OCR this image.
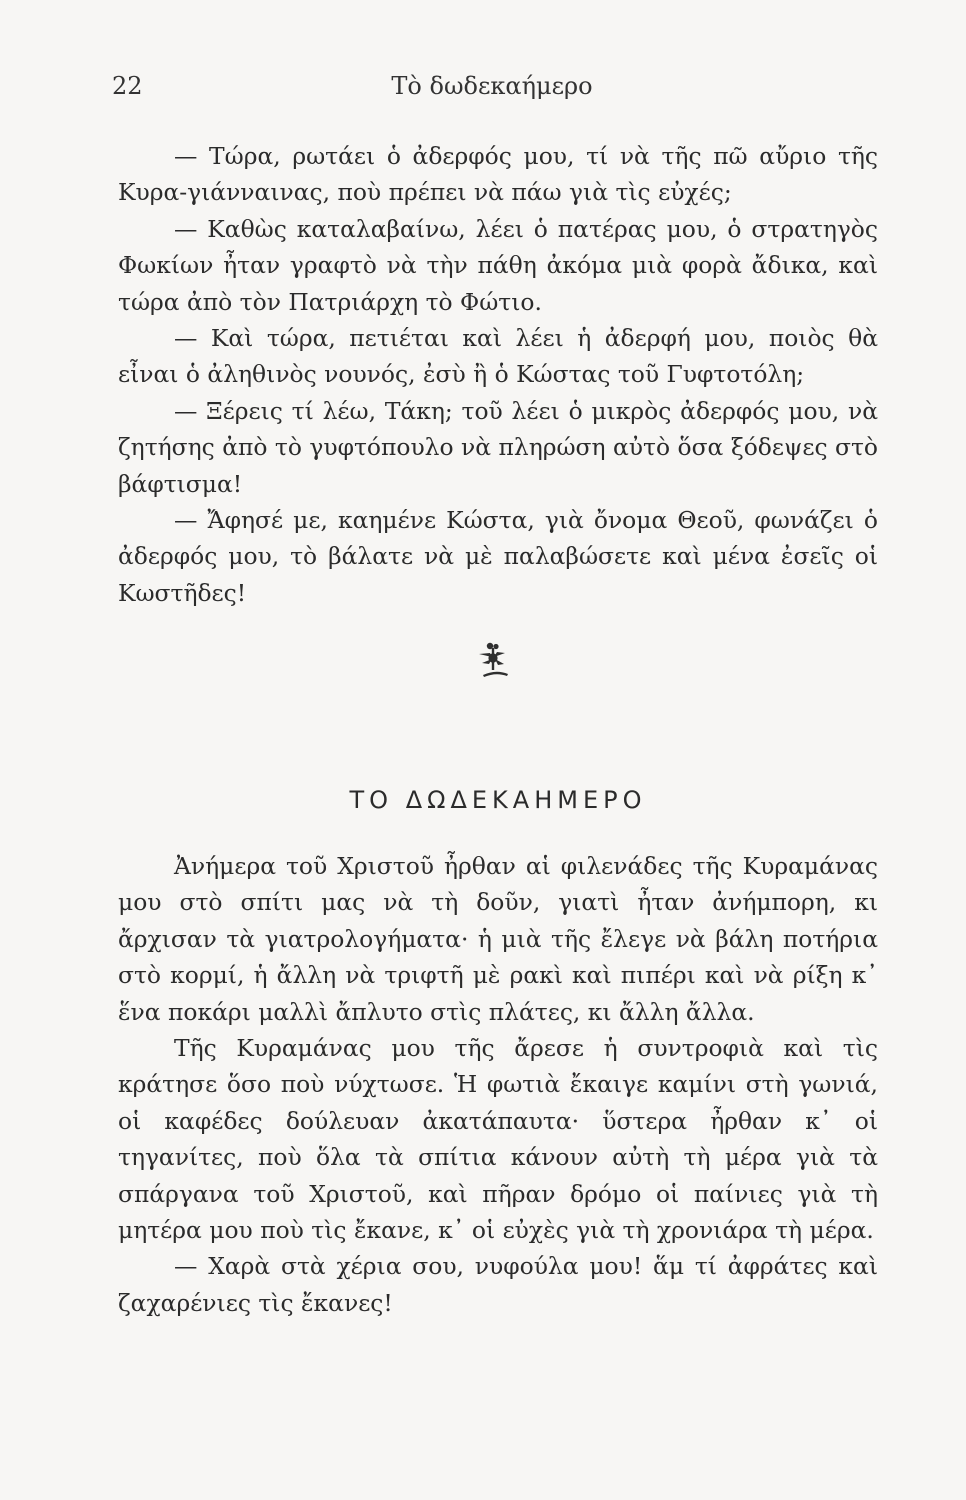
22	Τὸ δωδεκαήμερο

— Τώρα, ρωτάει ὁ ἀδερφός μου, τί νὰ τῆς πῶ αὔριο τῆς Κυρα-γιάνναινας, ποὺ πρέπει νὰ πάω γιὰ τὶς εὐχές;

— Καθὼς καταλαβαίνω, λέει ὁ πατέρας μου, ὁ στρατηγὸς Φωκίων ἦταν γραφτὸ νὰ τὴν πάθη ἀκόμα μιὰ φορὰ ἄδικα, καὶ τώρα ἀπὸ τὸν Πατριάρχη τὸ Φώτιο.

— Καὶ τώρα, πετιέται καὶ λέει ἡ ἀδερφή μου, ποιὸς θὰ εἶναι ὁ ἀληθινὸς νουνός, ἐσὺ ἢ ὁ Κώστας τοῦ Γυφτοτόλη;

— Ξέρεις τί λέω, Τάκη; τοῦ λέει ὁ μικρὸς ἀδερφός μου, νὰ ζητήσης ἀπὸ τὸ γυφτόπουλο νὰ πληρώση αὐτὸ ὅσα ξόδεψες στὸ βάφτισμα!

— Ἄφησέ με, καημένε Κώστα, γιὰ ὄνομα Θεοῦ, φωνάζει ὁ ἀδερφός μου, τὸ βάλατε νὰ μὲ παλαβώσετε καὶ μένα ἐσεῖς οἱ Κωστῆδες!

ΤΟ ΔΩΔΕΚΑΗΜΕΡΟ

Ἀνήμερα τοῦ Χριστοῦ ἦρθαν αἱ φιλενάδες τῆς Κυραμάνας μου στὸ σπίτι μας νὰ τὴ δοῦν, γιατὶ ἦταν ἀνήμπορη, κι ἄρχισαν τὰ γιατρολογήματα· ἡ μιὰ τῆς ἔλεγε νὰ βάλη ποτήρια στὸ κορμί, ἡ ἄλλη νὰ τριφτῆ μὲ ρακὶ καὶ πιπέρι καὶ νὰ ρίξη κ᾽ ἕνα ποκάρι μαλλὶ ἄπλυτο στὶς πλάτες, κι ἄλλη ἄλλα.

Τῆς Κυραμάνας μου τῆς ἄρεσε ἡ συντροφιὰ καὶ τὶς κράτησε ὅσο ποὺ νύχτωσε. Ἡ φωτιὰ ἔκαιγε καμίνι στὴ γωνιά, οἱ καφέδες δούλευαν ἀκατάπαυτα· ὕστερα ἦρθαν κ᾽ οἱ τηγανίτες, ποὺ ὅλα τὰ σπίτια κάνουν αὐτὴ τὴ μέρα γιὰ τὰ σπάργανα τοῦ Χριστοῦ, καὶ πῆραν δρόμο οἱ παίνιες γιὰ τὴ μητέρα μου ποὺ τὶς ἔκανε, κ᾽ οἱ εὐχὲς γιὰ τὴ χρονιάρα τὴ μέρα.

— Χαρὰ στὰ χέρια σου, νυφούλα μου! ἅμ τί ἀφράτες καὶ ζαχαρένιες τὶς ἔκανες!
